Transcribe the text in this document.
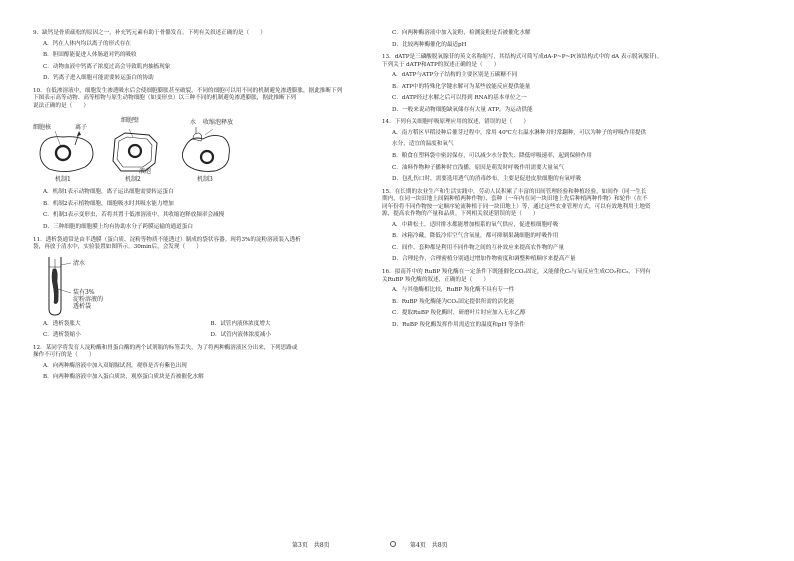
9．缺钙是骨质疏松的原因之一，补充钙元素有助于骨骼发育。下列有关叙述正确的是（　　）
A．钙在人体内均以离子的形式存在
B．胆固醇能促进人体肠道对钙的吸收
C．动物血液中钙离子浓度过高会导致肌肉抽搐现象
D．钙离子进入细胞可能需要转运蛋白的协助
10．在低渗溶液中，细胞发生渗透吸水后会使细胞膨胀甚至破裂，不同的细胞可以用不同的机制避免渗透膨胀，据此推断下列
下图表示高等动物、高等植物与原生动物细胞（如变形虫）以三种不同的机制避免渗透膨胀，据此推断下列
说法正确的是（　　）
细胞核	离子
细胞壁	水 收缩泡释放
液泡
机制1	机制2	机制3
A．机制1表示动物细胞，离子运出细胞需要转运蛋白
B．机制2表示植物细胞，细胞吸水时其吸水能力增加
C．机制3表示变形虫，若将其置于低渗溶液中，其收缩泡释放频率会减慢
D．三种细胞的细胞膜上均有协助水分子跨膜运输的通道蛋白
11．透析袋通常是由半透膜（蛋白质、淀粉等物质不能透过）制成的袋状容器。现将3%的淀粉溶液装入透析
袋，再放于清水中，实验装置如图所示。30min后，会发现（　　）
清水
装有3%
淀粉溶液的
透析袋
A．透析袋胀大	B．试管内液体浓度增大
C．透析袋缩小	D．试管内液体浓度减小
12．某同学将发育人淀粉酶和胃蛋白酶的两个试剂瓶的标签丢失，为了将两种酶溶液区分出来，下列思路或
操作不可行的是（　　）
A．向两种酶溶液中加入双缩脲试剂，观察是否有紫色出现
B．向两种酶溶液中加入蛋白质块，观察蛋白质块是否被催化水解
C．向两种酶溶液中加入淀粉，检测淀粉是否被催化水解
D．比较两种酶催化的最适pH
13．dATP是三磷酸脱氧腺苷的英文名称缩写，其结构式可简写成dA-P~P~P(该结构式中的 dA 表示脱氧腺苷)。
下列关于 dATP和ATP的叙述正确的是（　　）
A．dATP与ATP分子结构的主要区别是五碳糖不同
B．ATP中的特殊化学键水解可为某些放能反应提供能量
C．dATP经过水解之后可以得到 RNA的基本单位之一
D．一般来说动物细胞缺氧储存有大量 ATP，为运动供能
14．下列有关细胞呼吸原理应用的叙述，错误的是（　　）
A．南方稻区早稻浸种后催芽过程中，常用 40℃左右温水淋种并时常翻种，可以为种子的呼吸作用提供
水分，适宜的温度和氧气
B．粮食在塑料袋中密封保存，可以减少水分散失、降低呼吸速率，起到保鲜作用
C．油料作物种子播种时宜浅播，原因是萌发时呼吸作用需要大量氧气
D．包扎伤口时，需要选用透气的消毒纱布，主要是促进皮肤细胞的有氧呼吸
15．在长期的农业生产和生活实践中，劳动人民积累了丰富的田间管理经验和种植经验，如间作（同一生长
期内，在同一块田地上间隔种植两种作物）、套种（一年内在同一块田地上先后种植两种作物）和轮作（在不
同年份将不同作物按一定顺序轮流种植于同一块田地上）等，通过这些农业管理方式，可以有效地利用土地资
源，提高农作物的产量和品质。下列相关叙述错误的是（　　）
A．中耕松土，适时排水都能增加根系的氧气供应，促进根细胞呼吸
B．冰箱冷藏，降低冷库空气含氧量，都可抑制果蔬细胞的呼吸作用
C．间作、套种都是利用不同作物之间的互补效应来提高农作物的产量
D．合理轮作，合理密植分别通过增加作物密度和调整种植顺序来提高产量
16．拟南芥中的 RuBP 羧化酶在一定条件下既能催化CO₂固定，又能催化C₅与氧反应生成CO₂和C₃，下列有
关RuBP 羧化酶的叙述，正确的是（　　）
A．与其他酶相比较，RuBP 羧化酶不具有专一性
B．RuBP 羧化酶能为CO₂固定提供所需的活化能
C．提取RuBP 羧化酶时，研磨叶片时应加入无水乙醇
D．RuBP 羧化酶发挥作用需适宜的温度和pH 等条件
第3页　共8页	第4页　共8页
